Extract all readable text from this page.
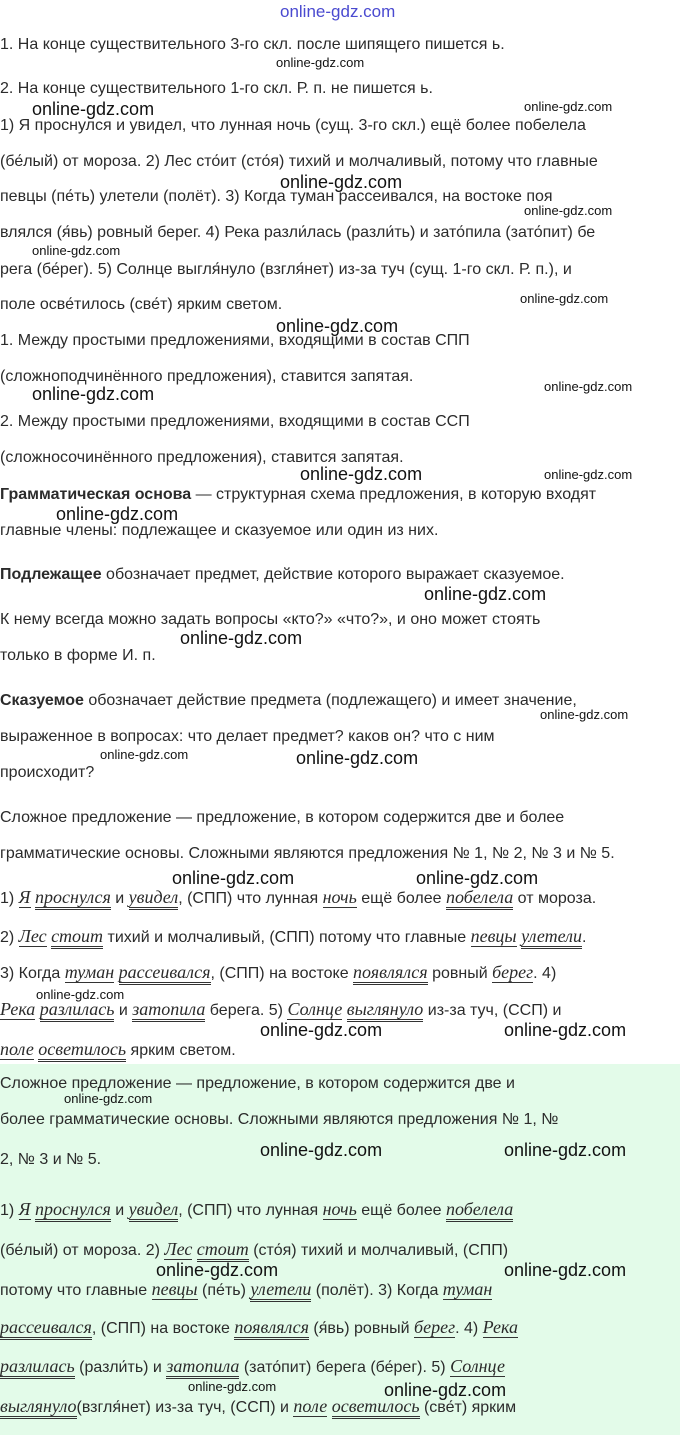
1. На конце существительного 3-го скл. после шипящего пишется ь.
2. На конце существительного 1-го скл. Р. п. не пишется ь.
1) Я проснулся и увидел, что лунная ночь (сущ. 3-го скл.) ещё более побелела
(бе́лый) от мороза. 2) Лес сто́ит (сто́я) тихий и молчаливый, потому что главные
певцы (пе́ть) улетели (полёт). 3) Когда туман рассеивался, на востоке поя
влялся (я́вь) ровный берег. 4) Река разли́лась (разли́ть) и зато́пила (зато́пит) бе
рега (бе́рег). 5) Солнце выгля́нуло (взгля́нет) из-за туч (сущ. 1-го скл. Р. п.), и
поле осве́тилось (све́т) ярким светом.
1. Между простыми предложениями, входящими в состав СПП
(сложноподчинённого предложения), ставится запятая.
2. Между простыми предложениями, входящими в состав ССП
(сложносочинённого предложения), ставится запятая.
Грамматическая основа — структурная схема предложения, в которую входят
главные члены: подлежащее и сказуемое или один из них.
Подлежащее обозначает предмет, действие которого выражает сказуемое.
К нему всегда можно задать вопросы «кто?» «что?», и оно может стоять
только в форме И. п.
Сказуемое обозначает действие предмета (подлежащего) и имеет значение,
выраженное в вопросах: что делает предмет? каков он? что с ним
происходит?
Сложное предложение — предложение, в котором содержится две и более
грамматические основы. Сложными являются предложения № 1, № 2, № 3 и № 5.
1) Я проснулся и увидел, (СПП) что лунная ночь ещё более побелела от мороза.
2) Лес стоит тихий и молчаливый, (СПП) потому что главные певцы улетели.
3) Когда туман рассеивался, (СПП) на востоке появлялся ровный берег. 4)
Река разлилась и затопила берега. 5) Солнце выглянуло из-за туч, (ССП) и
поле осветилось ярким светом.
Сложное предложение — предложение, в котором содержится две и
более грамматические основы. Сложными являются предложения № 1, №
2, № 3 и № 5.
1) Я проснулся и увидел, (СПП) что лунная ночь ещё более побелела
(бе́лый) от мороза. 2) Лес стоит (сто́я) тихий и молчаливый, (СПП)
потому что главные певцы (пе́ть) улетели (полёт). 3) Когда туман
рассеивался, (СПП) на востоке появлялся (я́вь) ровный берег. 4) Река
разлилась (разли́ть) и затопила (зато́пит) берега (бе́рег). 5) Солнце
выглянуло(взгля́нет) из-за туч, (ССП) и поле осветилось (све́т) ярким
online-gdz.com
online-gdz.com
online-gdz.com	online-gdz.com
online-gdz.com
online-gdz.com
online-gdz.com
online-gdz.com
online-gdz.com
online-gdz.com	online-gdz.com
online-gdz.com	online-gdz.com
online-gdz.com
online-gdz.com
online-gdz.com
online-gdz.com
online-gdz.com	online-gdz.com
online-gdz.com	online-gdz.com
online-gdz.com
online-gdz.com	online-gdz.com
online-gdz.com
online-gdz.com	online-gdz.com
online-gdz.com	online-gdz.com
online-gdz.com	online-gdz.com
